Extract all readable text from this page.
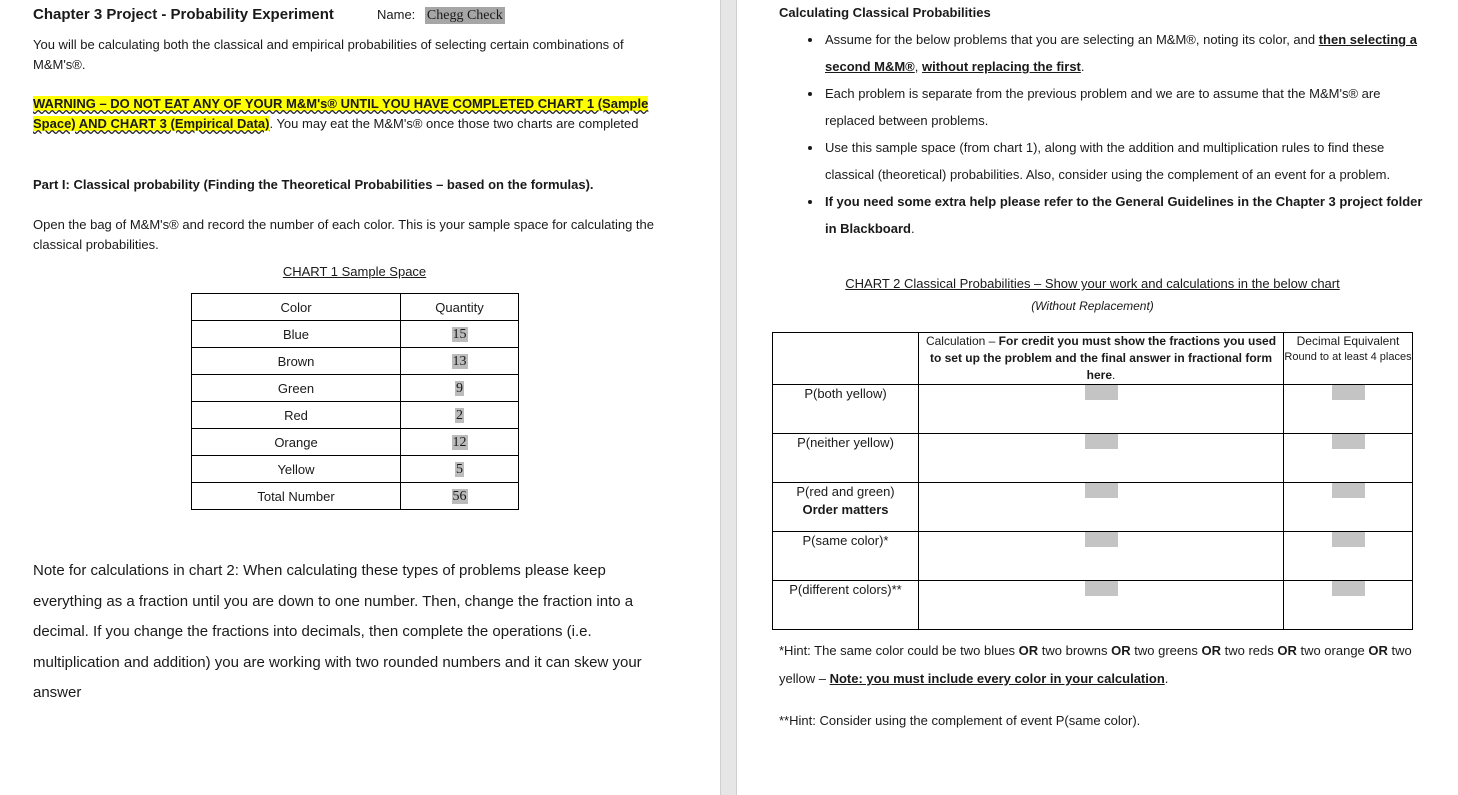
Chapter 3 Project - Probability Experiment	Name: Chegg Check
You will be calculating both the classical and empirical probabilities of selecting certain combinations of M&M's®.
WARNING – DO NOT EAT ANY OF YOUR M&M's® UNTIL YOU HAVE COMPLETED CHART 1 (Sample Space) AND CHART 3 (Empirical Data). You may eat the M&M's® once those two charts are completed
Part I: Classical probability (Finding the Theoretical Probabilities – based on the formulas).
Open the bag of M&M's® and record the number of each color. This is your sample space for calculating the classical probabilities.
CHART 1 Sample Space
Color	Quantity
Blue	15
Brown	13
Green	9
Red	2
Orange	12
Yellow	5
Total Number	56
Note for calculations in chart 2: When calculating these types of problems please keep everything as a fraction until you are down to one number. Then, change the fraction into a decimal. If you change the fractions into decimals, then complete the operations (i.e. multiplication and addition) you are working with two rounded numbers and it can skew your answer
Calculating Classical Probabilities
• Assume for the below problems that you are selecting an M&M®, noting its color, and then selecting a second M&M®, without replacing the first.
• Each problem is separate from the previous problem and we are to assume that the M&M's® are replaced between problems.
• Use this sample space (from chart 1), along with the addition and multiplication rules to find these classical (theoretical) probabilities. Also, consider using the complement of an event for a problem.
• If you need some extra help please refer to the General Guidelines in the Chapter 3 project folder in Blackboard.
CHART 2 Classical Probabilities – Show your work and calculations in the below chart
(Without Replacement)
	Calculation – For credit you must show the fractions you used to set up the problem and the final answer in fractional form here.	Decimal Equivalent
Round to at least 4 places

P(both yellow)		

P(neither yellow)		

P(red and green)
Order matters		

P(same color)*		

P(different colors)**		

*Hint: The same color could be two blues OR two browns OR two greens OR two reds OR two orange OR two yellow – Note: you must include every color in your calculation.
**Hint: Consider using the complement of event P(same color).
